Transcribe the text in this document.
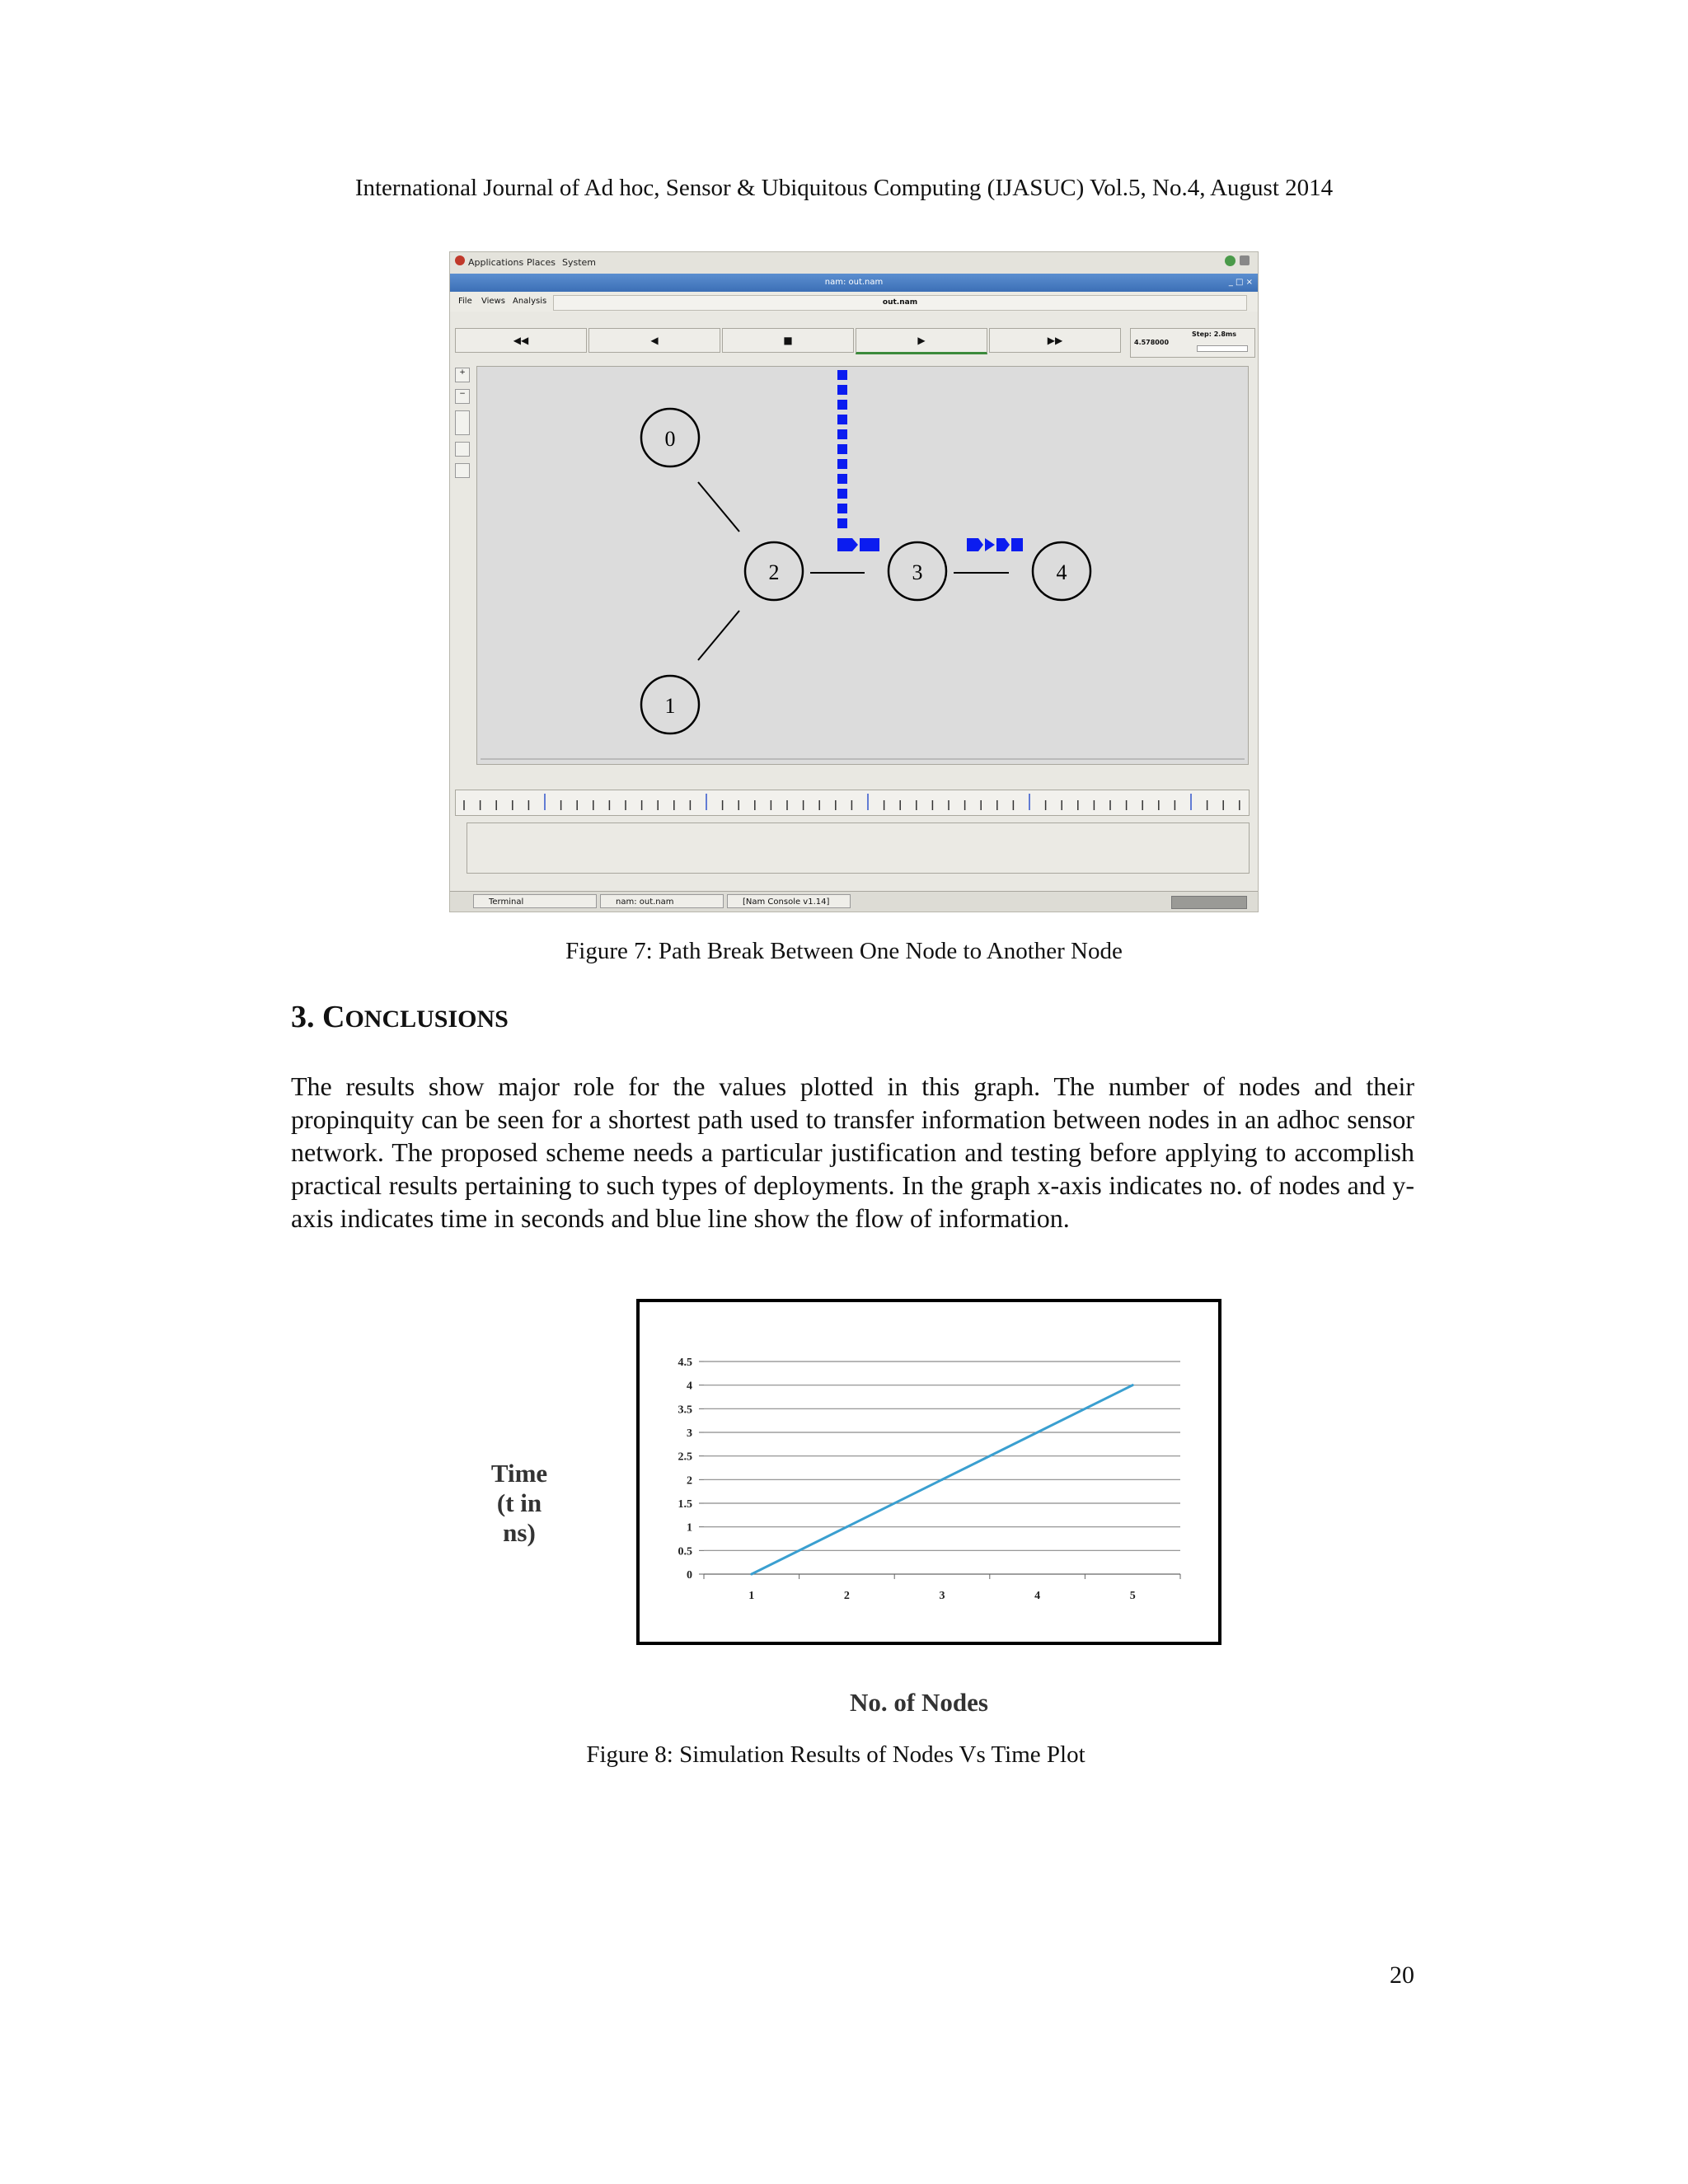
International Journal of Ad hoc, Sensor & Ubiquitous Computing (IJASUC) Vol.5, No.4, August 2014
Applications Places System
nam: out.nam	_ □ ×
File Views Analysis	out.nam
◀◀	◀	■	▶	▶▶	4.578000
Step: 2.8ms
+
−
0
1
2	3	4
Terminal	nam: out.nam	[Nam Console v1.14]
Figure 7: Path Break Between One Node to Another Node
3. CONCLUSIONS
The results show major role for the values plotted in this graph. The number of nodes and their propinquity can be seen for a shortest path used to transfer information between nodes in an adhoc sensor network. The proposed scheme needs a particular justification and testing before applying to accomplish practical results pertaining to such types of deployments. In the graph x-axis indicates no. of nodes and y-axis indicates time in seconds and blue line show the flow of information.
Time
(t in
ns)
0
0.5
1
1.5
2
2.5
3
3.5
4
4.5
1	2	3	4	5
No. of Nodes
Figure 8: Simulation Results of Nodes Vs Time Plot
20
